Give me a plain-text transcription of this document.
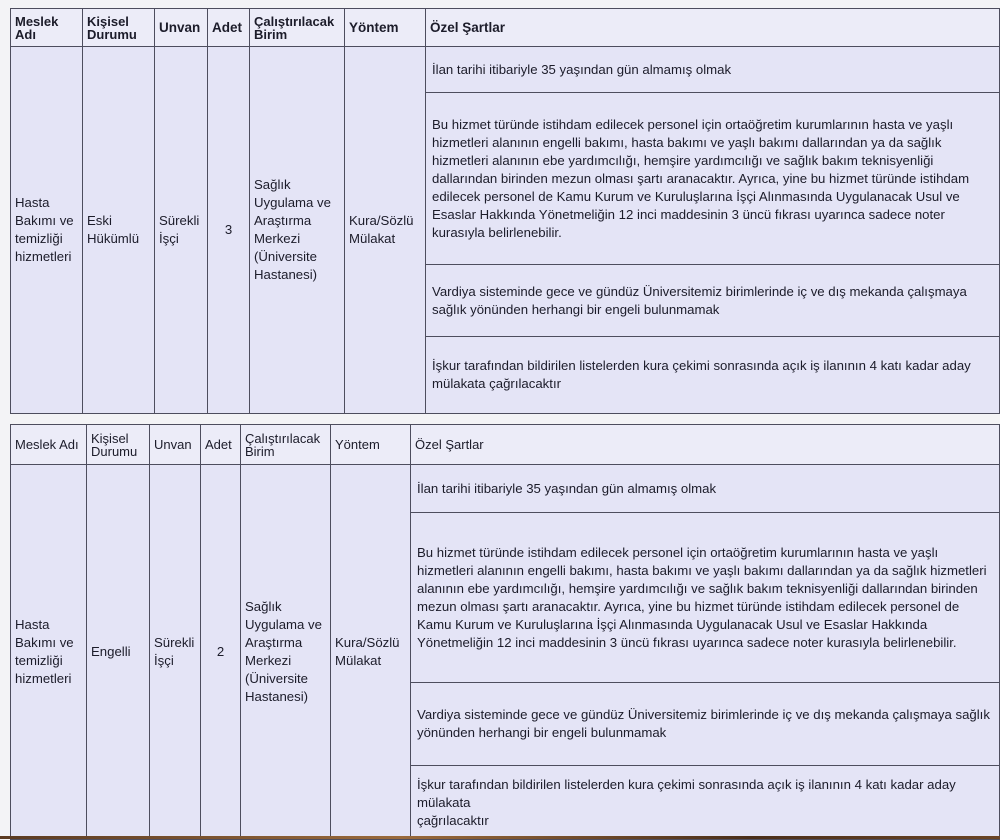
Meslek Adı	Kişisel Durumu	Unvan	Adet	Çalıştırılacak Birim	Yöntem	Özel Şartlar
Hasta Bakımı ve temizliği hizmetleri	Eski Hükümlü	Sürekli İşçi	3	Sağlık Uygulama ve Araştırma Merkezi (Üniversite Hastanesi)	Kura/Sözlü Mülakat	İlan tarihi itibariyle 35 yaşından gün almamış olmak
						Bu hizmet türünde istihdam edilecek personel için ortaöğretim kurumlarının hasta ve yaşlı hizmetleri alanının engelli bakımı, hasta bakımı ve yaşlı bakımı dallarından ya da sağlık hizmetleri alanının ebe yardımcılığı, hemşire yardımcılığı ve sağlık bakım teknisyenliği dallarından birinden mezun olması şartı aranacaktır. Ayrıca, yine bu hizmet türünde istihdam edilecek personel de Kamu Kurum ve Kuruluşlarına İşçi Alınmasında Uygulanacak Usul ve Esaslar Hakkında Yönetmeliğin 12 inci maddesinin 3 üncü fıkrası uyarınca sadece noter kurasıyla belirlenebilir.
						Vardiya sisteminde gece ve gündüz Üniversitemiz birimlerinde iç ve dış mekanda çalışmaya sağlık yönünden herhangi bir engeli bulunmamak
						İşkur tarafından bildirilen listelerden kura çekimi sonrasında açık iş ilanının 4 katı kadar aday mülakata çağrılacaktır
Meslek Adı	Kişisel Durumu	Unvan	Adet	Çalıştırılacak Birim	Yöntem	Özel Şartlar
Hasta Bakımı ve temizliği hizmetleri	Engelli	Sürekli İşçi	2	Sağlık Uygulama ve Araştırma Merkezi (Üniversite Hastanesi)	Kura/Sözlü Mülakat	İlan tarihi itibariyle 35 yaşından gün almamış olmak
						Bu hizmet türünde istihdam edilecek personel için ortaöğretim kurumlarının hasta ve yaşlı hizmetleri alanının engelli bakımı, hasta bakımı ve yaşlı bakımı dallarından ya da sağlık hizmetleri alanının ebe yardımcılığı, hemşire yardımcılığı ve sağlık bakım teknisyenliği dallarından birinden mezun olması şartı aranacaktır. Ayrıca, yine bu hizmet türünde istihdam edilecek personel de Kamu Kurum ve Kuruluşlarına İşçi Alınmasında Uygulanacak Usul ve Esaslar Hakkında Yönetmeliğin 12 inci maddesinin 3 üncü fıkrası uyarınca sadece noter kurasıyla belirlenebilir.
						Vardiya sisteminde gece ve gündüz Üniversitemiz birimlerinde iç ve dış mekanda çalışmaya sağlık yönünden herhangi bir engeli bulunmamak

						İşkur tarafından bildirilen listelerden kura çekimi sonrasında açık iş ilanının 4 katı kadar aday mülakata
çağrılacaktır
